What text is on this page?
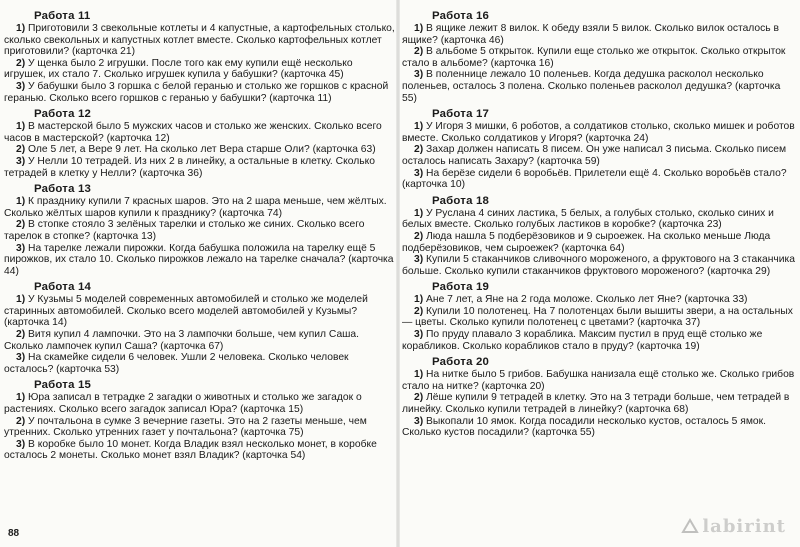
Работа 11

1) Приготовили 3 свекольные котлеты и 4 капустные, а картофельных столько, сколько свекольных и капустных котлет вместе. Сколько картофельных котлет приготовили? (карточка 21)

2) У щенка было 2 игрушки. После того как ему купили ещё несколько игрушек, их стало 7. Сколько игрушек купила у бабушки? (карточка 45)

3) У бабушки было 3 горшка с белой геранью и столько же горшков с красной геранью. Сколько всего горшков с геранью у бабушки? (карточка 11)

Работа 12

1) В мастерской было 5 мужских часов и столько же женских. Сколько всего часов в мастерской? (карточка 12)

2) Оле 5 лет, а Вере 9 лет. На сколько лет Вера старше Оли? (карточка 63)

3) У Нелли 10 тетрадей. Из них 2 в линейку, а остальные в клетку. Сколько тетрадей в клетку у Нелли? (карточка 36)

Работа 13

1) К празднику купили 7 красных шаров. Это на 2 шара меньше, чем жёлтых. Сколько жёлтых шаров купили к празднику? (карточка 74)

2) В стопке стояло 3 зелёных тарелки и столько же синих. Сколько всего тарелок в стопке? (карточка 13)

3) На тарелке лежали пирожки. Когда бабушка положила на тарелку ещё 5 пирожков, их стало 10. Сколько пирожков лежало на тарелке сначала? (карточка 44)

Работа 14

1) У Кузьмы 5 моделей современных автомобилей и столько же моделей старинных автомобилей. Сколько всего моделей автомобилей у Кузьмы? (карточка 14)

2) Витя купил 4 лампочки. Это на 3 лампочки больше, чем купил Саша. Сколько лампочек купил Саша? (карточка 67)

3) На скамейке сидели 6 человек. Ушли 2 человека. Сколько человек осталось? (карточка 53)

Работа 15

1) Юра записал в тетрадке 2 загадки о животных и столько же загадок о растениях. Сколько всего загадок записал Юра? (карточка 15)

2) У почтальона в сумке 3 вечерние газеты. Это на 2 газеты меньше, чем утренних. Сколько утренних газет у почтальона? (карточка 75)

3) В коробке было 10 монет. Когда Владик взял несколько монет, в коробке осталось 2 монеты. Сколько монет взял Владик? (карточка 54)

Работа 16

1) В ящике лежит 8 вилок. К обеду взяли 5 вилок. Сколько вилок осталось в ящике? (карточка 46)

2) В альбоме 5 открыток. Купили еще столько же открыток. Сколько открыток стало в альбоме? (карточка 16)

3) В поленнице лежало 10 поленьев. Когда дедушка расколол несколько поленьев, осталось 3 полена. Сколько поленьев расколол дедушка? (карточка 55)

Работа 17

1) У Игоря 3 мишки, 6 роботов, а солдатиков столько, сколько мишек и роботов вместе. Сколько солдатиков у Игоря? (карточка 24)

2) Захар должен написать 8 писем. Он уже написал 3 письма. Сколько писем осталось написать Захару? (карточка 59)

3) На берёзе сидели 6 воробьёв. Прилетели ещё 4. Сколько воробьёв стало? (карточка 10)

Работа 18

1) У Руслана 4 синих ластика, 5 белых, а голубых столько, сколько синих и белых вместе. Сколько голубых ластиков в коробке? (карточка 23)

2) Люда нашла 5 подберёзовиков и 9 сыроежек. На сколько меньше Люда подберёзовиков, чем сыроежек? (карточка 64)

3) Купили 5 стаканчиков сливочного мороженого, а фруктового на 3 стаканчика больше. Сколько купили стаканчиков фруктового мороженого? (карточка 29)

Работа 19

1) Ане 7 лет, а Яне на 2 года моложе. Сколько лет Яне? (карточка 33)

2) Купили 10 полотенец. На 7 полотенцах были вышиты звери, а на остальных — цветы. Сколько купили полотенец с цветами? (карточка 37)

3) По пруду плавало 3 кораблика. Максим пустил в пруд ещё столько же корабликов. Сколько корабликов стало в пруду? (карточка 19)

Работа 20

1) На нитке было 5 грибов. Бабушка нанизала ещё столько же. Сколько грибов стало на нитке? (карточка 20)

2) Лёше купили 9 тетрадей в клетку. Это на 3 тетради больше, чем тетрадей в линейку. Сколько купили тетрадей в линейку? (карточка 68)

3) Выкопали 10 ямок. Когда посадили несколько кустов, осталось 5 ямок. Сколько кустов посадили? (карточка 55)

88	labirint
